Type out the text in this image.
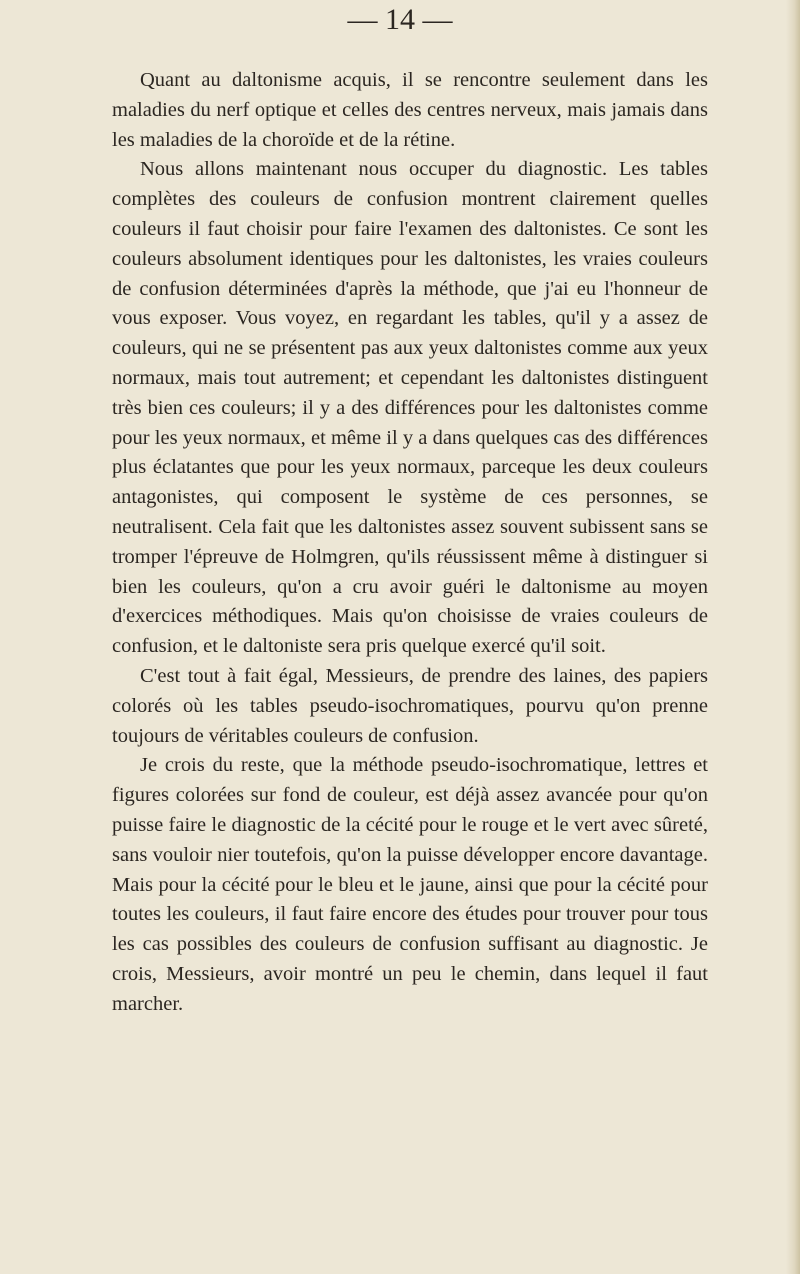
— 14 —

Quant au daltonisme acquis, il se rencontre seulement dans les maladies du nerf optique et celles des centres nerveux, mais jamais dans les maladies de la choroïde et de la rétine.

Nous allons maintenant nous occuper du diagnostic. Les tables complètes des couleurs de confusion montrent clairement quelles couleurs il faut choisir pour faire l'examen des daltonistes. Ce sont les couleurs absolument identiques pour les daltonistes, les vraies couleurs de confusion déterminées d'après la méthode, que j'ai eu l'honneur de vous exposer. Vous voyez, en regardant les tables, qu'il y a assez de couleurs, qui ne se présentent pas aux yeux daltonistes comme aux yeux normaux, mais tout autrement; et cependant les daltonistes distinguent très bien ces couleurs; il y a des différences pour les daltonistes comme pour les yeux normaux, et même il y a dans quelques cas des différences plus éclatantes que pour les yeux normaux, parceque les deux couleurs antagonistes, qui composent le système de ces personnes, se neutralisent. Cela fait que les daltonistes assez souvent subissent sans se tromper l'épreuve de Holmgren, qu'ils réussissent même à distinguer si bien les couleurs, qu'on a cru avoir guéri le daltonisme au moyen d'exercices méthodiques. Mais qu'on choisisse de vraies couleurs de confusion, et le daltoniste sera pris quelque exercé qu'il soit.

C'est tout à fait égal, Messieurs, de prendre des laines, des papiers colorés où les tables pseudo-isochromatiques, pourvu qu'on prenne toujours de véritables couleurs de confusion.

Je crois du reste, que la méthode pseudo-isochromatique, lettres et figures colorées sur fond de couleur, est déjà assez avancée pour qu'on puisse faire le diagnostic de la cécité pour le rouge et le vert avec sûreté, sans vouloir nier toutefois, qu'on la puisse développer encore davantage. Mais pour la cécité pour le bleu et le jaune, ainsi que pour la cécité pour toutes les couleurs, il faut faire encore des études pour trouver pour tous les cas possibles des couleurs de confusion suffisant au diagnostic. Je crois, Messieurs, avoir montré un peu le chemin, dans lequel il faut marcher.
